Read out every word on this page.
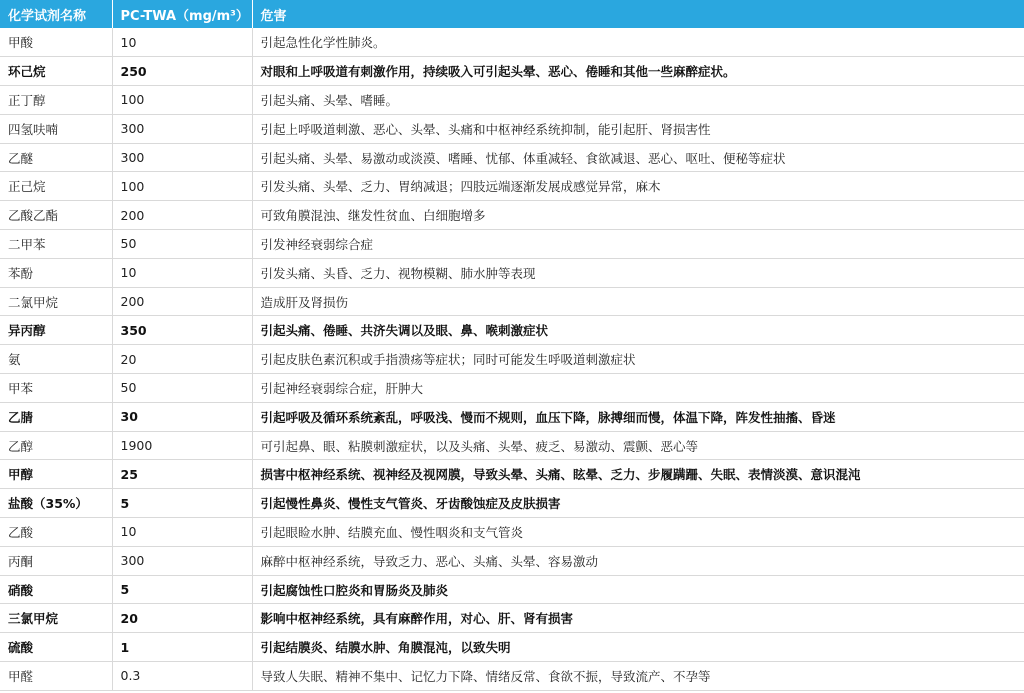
化学试剂名称	PC-TWA（mg/m³）	危害
甲酸	10	引起急性化学性肺炎。
环己烷	250	对眼和上呼吸道有刺激作用，持续吸入可引起头晕、恶心、倦睡和其他一些麻醉症状。
正丁醇	100	引起头痛、头晕、嗜睡。
四氢呋喃	300	引起上呼吸道刺激、恶心、头晕、头痛和中枢神经系统抑制，能引起肝、肾损害性
乙醚	300	引起头痛、头晕、易激动或淡漠、嗜睡、忧郁、体重减轻、食欲减退、恶心、呕吐、便秘等症状
正己烷	100	引发头痛、头晕、乏力、胃纳减退；四肢远端逐渐发展成感觉异常，麻木
乙酸乙酯	200	可致角膜混浊、继发性贫血、白细胞增多
二甲苯	50	引发神经衰弱综合症
苯酚	10	引发头痛、头昏、乏力、视物模糊、肺水肿等表现
二氯甲烷	200	造成肝及肾损伤
异丙醇	350	引起头痛、倦睡、共济失调以及眼、鼻、喉刺激症状
氨	20	引起皮肤色素沉积或手指溃疡等症状；同时可能发生呼吸道刺激症状
甲苯	50	引起神经衰弱综合症，肝肿大
乙腈	30	引起呼吸及循环系统紊乱，呼吸浅、慢而不规则，血压下降，脉搏细而慢，体温下降，阵发性抽搐、昏迷
乙醇	1900	可引起鼻、眼、粘膜刺激症状，以及头痛、头晕、疲乏、易激动、震颤、恶心等
甲醇	25	损害中枢神经系统、视神经及视网膜，导致头晕、头痛、眩晕、乏力、步履蹒跚、失眠、表情淡漠、意识混沌
盐酸（35%）	5	引起慢性鼻炎、慢性支气管炎、牙齿酸蚀症及皮肤损害
乙酸	10	引起眼睑水肿、结膜充血、慢性咽炎和支气管炎
丙酮	300	麻醉中枢神经系统，导致乏力、恶心、头痛、头晕、容易激动
硝酸	5	引起腐蚀性口腔炎和胃肠炎及肺炎
三氯甲烷	20	影响中枢神经系统，具有麻醉作用，对心、肝、肾有损害
硫酸	1	引起结膜炎、结膜水肿、角膜混沌，以致失明
甲醛	0.3	导致人失眠、精神不集中、记忆力下降、情绪反常、食欲不振，导致流产、不孕等
